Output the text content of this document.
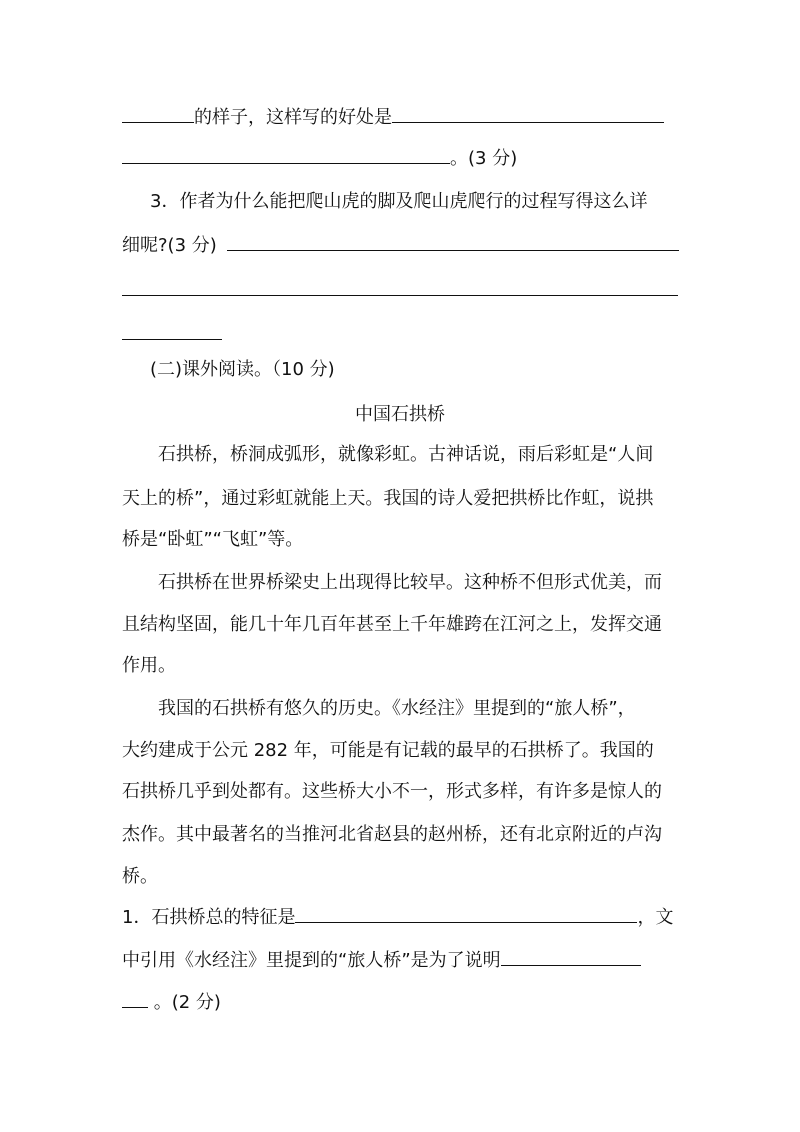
的样子，这样写的好处是
。(3 分)
3．作者为什么能把爬山虎的脚及爬山虎爬行的过程写得这么详
细呢?(3 分)
(二)课外阅读。（10 分)
中国石拱桥
石拱桥，桥洞成弧形，就像彩虹。古神话说，雨后彩虹是“人间
天上的桥”，通过彩虹就能上天。我国的诗人爱把拱桥比作虹，说拱
桥是“卧虹”“飞虹”等。
石拱桥在世界桥梁史上出现得比较早。这种桥不但形式优美，而
且结构坚固，能几十年几百年甚至上千年雄跨在江河之上，发挥交通
作用。
我国的石拱桥有悠久的历史。《水经注》里提到的“旅人桥”，
大约建成于公元 282 年，可能是有记载的最早的石拱桥了。我国的
石拱桥几乎到处都有。这些桥大小不一，形式多样，有许多是惊人的
杰作。其中最著名的当推河北省赵县的赵州桥，还有北京附近的卢沟
桥。
1．石拱桥总的特征是	，文
中引用《水经注》里提到的“旅人桥”是为了说明
。(2 分)
